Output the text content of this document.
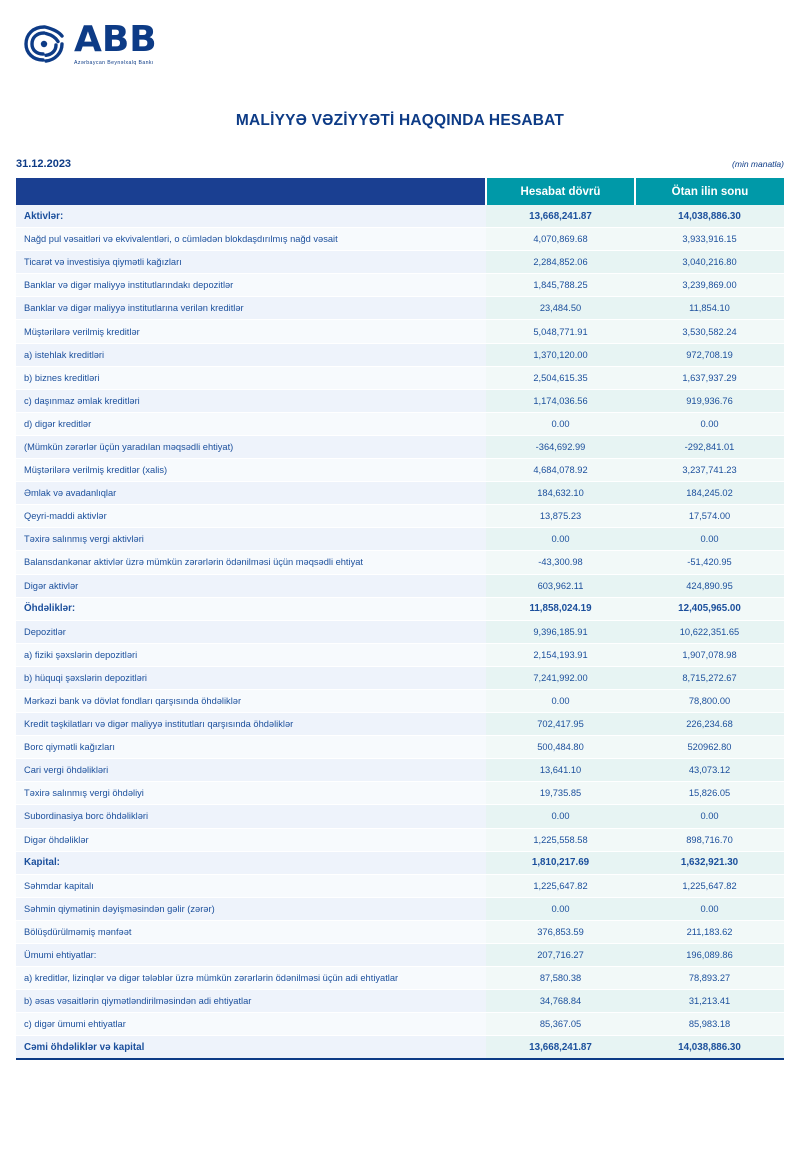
ABB
Azərbaycan Beynəlxalq Bankı
MALİYYƏ VƏZİYYƏTİ HAQQINDA HESABAT
31.12.2023	(min manatla)
	Hesabat dövrü	Ötan ilin sonu
Aktivlər:	13,668,241.87	14,038,886.30
Nağd pul vəsaitləri və ekvivalentləri, o cümlədən blokdaşdırılmış nağd vəsait	4,070,869.68	3,933,916.15
Ticarət və investisiya qiymətli kağızları	2,284,852.06	3,040,216.80
Banklar və digər maliyyə institutlarındakı depozitlər	1,845,788.25	3,239,869.00
Banklar və digər maliyyə institutlarına verilən kreditlər	23,484.50	11,854.10
Müştərilərə verilmiş kreditlər	5,048,771.91	3,530,582.24
a) istehlak kreditləri	1,370,120.00	972,708.19
b) biznes kreditləri	2,504,615.35	1,637,937.29
c) daşınmaz əmlak kreditləri	1,174,036.56	919,936.76
d) digər kreditlər	0.00	0.00
(Mümkün zərərlər üçün yaradılan məqsədli ehtiyat)	-364,692.99	-292,841.01
Müştərilərə verilmiş kreditlər (xalis)	4,684,078.92	3,237,741.23
Əmlak və avadanlıqlar	184,632.10	184,245.02
Qeyri-maddi aktivlər	13,875.23	17,574.00
Təxirə salınmış vergi aktivləri	0.00	0.00
Balansdankənar aktivlər üzrə mümkün zərərlərin ödənilməsi üçün məqsədli ehtiyat	-43,300.98	-51,420.95
Digər aktivlər	603,962.11	424,890.95
Öhdəliklər:	11,858,024.19	12,405,965.00
Depozitlər	9,396,185.91	10,622,351.65
a) fiziki şəxslərin depozitləri	2,154,193.91	1,907,078.98
b) hüquqi şəxslərin depozitləri	7,241,992.00	8,715,272.67
Mərkəzi bank və dövlət fondları qarşısında öhdəliklər	0.00	78,800.00
Kredit təşkilatları və digər maliyyə institutları qarşısında öhdəliklər	702,417.95	226,234.68
Borc qiymətli kağızları	500,484.80	520962.80
Cari vergi öhdəlikləri	13,641.10	43,073.12
Təxirə salınmış vergi öhdəliyi	19,735.85	15,826.05
Subordinasiya borc öhdəlikləri	0.00	0.00
Digər öhdəliklər	1,225,558.58	898,716.70
Kapital:	1,810,217.69	1,632,921.30
Səhmdar kapitalı	1,225,647.82	1,225,647.82
Səhmin qiymətinin dəyişməsindən gəlir (zərər)	0.00	0.00
Bölüşdürülməmiş mənfəət	376,853.59	211,183.62
Ümumi ehtiyatlar:	207,716.27	196,089.86
a) kreditlər, lizinqlər və digər tələblər üzrə mümkün zərərlərin ödənilməsi üçün adi ehtiyatlar	87,580.38	78,893.27
b) əsas vəsaitlərin qiymətləndirilməsindən adi ehtiyatlar	34,768.84	31,213.41
c) digər ümumi ehtiyatlar	85,367.05	85,983.18
Cəmi öhdəliklər və kapital	13,668,241.87	14,038,886.30
